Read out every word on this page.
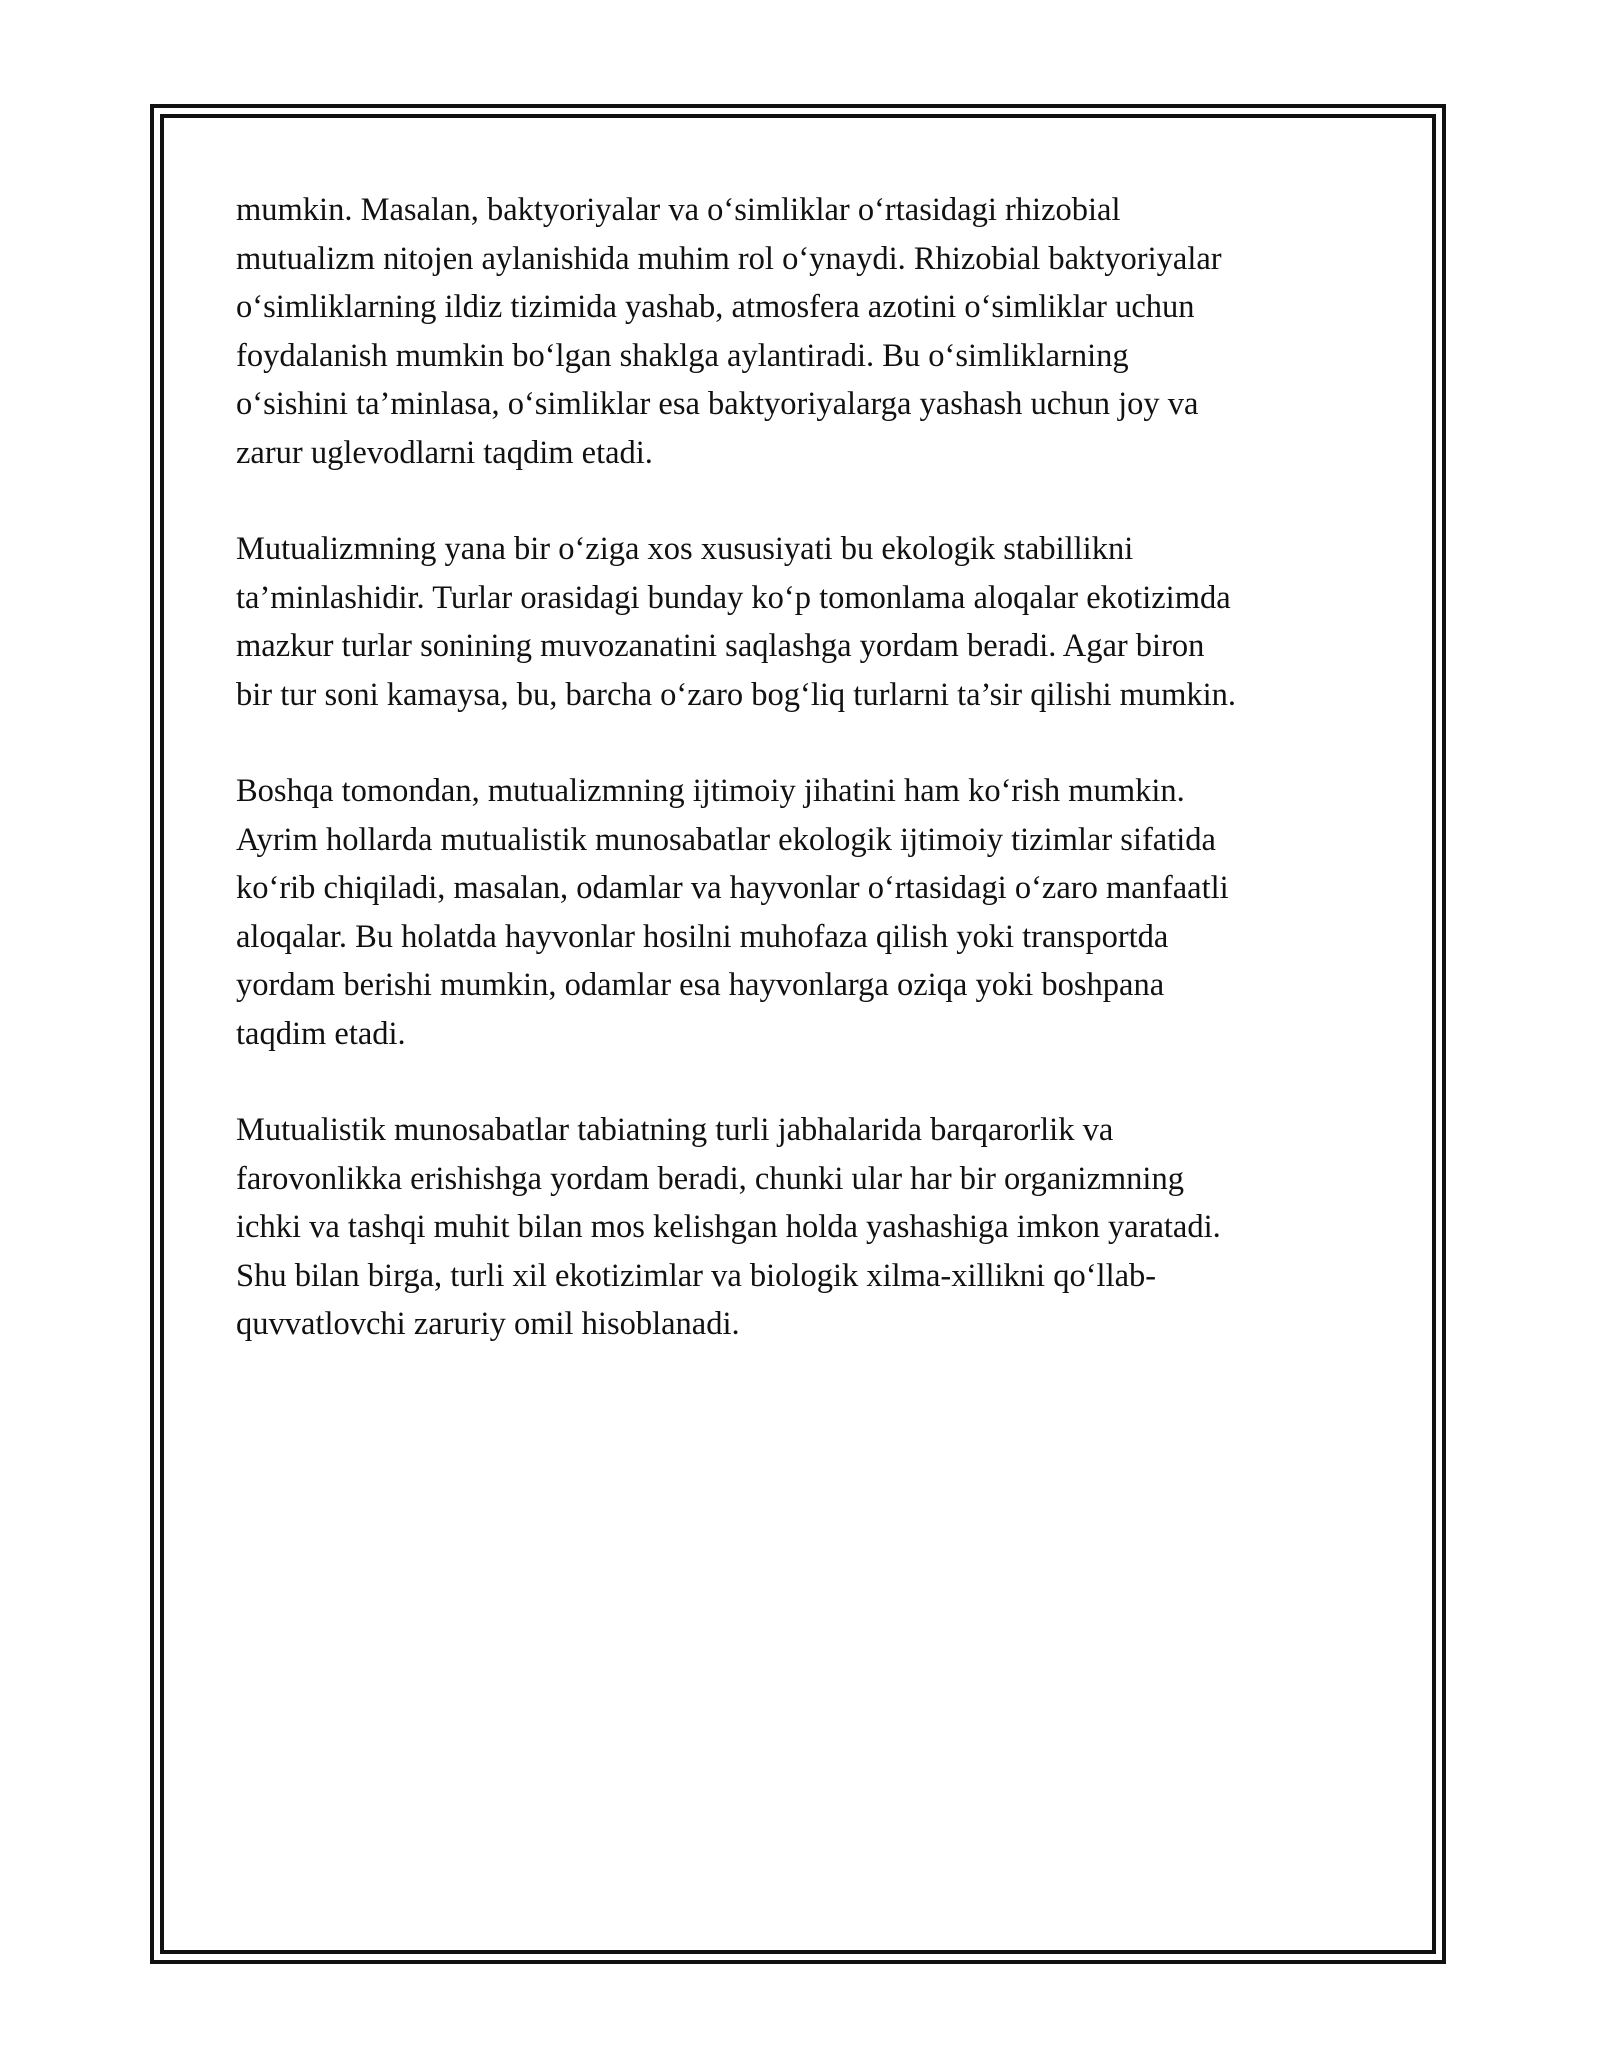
mumkin. Masalan, baktyoriyalar va o‘simliklar o‘rtasidagi rhizobial
mutualizm nitojen aylanishida muhim rol o‘ynaydi. Rhizobial baktyoriyalar
o‘simliklarning ildiz tizimida yashab, atmosfera azotini o‘simliklar uchun
foydalanish mumkin bo‘lgan shaklga aylantiradi. Bu o‘simliklarning
o‘sishini ta’minlasa, o‘simliklar esa baktyoriyalarga yashash uchun joy va
zarur uglevodlarni taqdim etadi.

Mutualizmning yana bir o‘ziga xos xususiyati bu ekologik stabillikni
ta’minlashidir. Turlar orasidagi bunday ko‘p tomonlama aloqalar ekotizimda
mazkur turlar sonining muvozanatini saqlashga yordam beradi. Agar biron
bir tur soni kamaysa, bu, barcha o‘zaro bog‘liq turlarni ta’sir qilishi mumkin.

Boshqa tomondan, mutualizmning ijtimoiy jihatini ham ko‘rish mumkin.
Ayrim hollarda mutualistik munosabatlar ekologik ijtimoiy tizimlar sifatida
ko‘rib chiqiladi, masalan, odamlar va hayvonlar o‘rtasidagi o‘zaro manfaatli
aloqalar. Bu holatda hayvonlar hosilni muhofaza qilish yoki transportda
yordam berishi mumkin, odamlar esa hayvonlarga oziqa yoki boshpana
taqdim etadi.

Mutualistik munosabatlar tabiatning turli jabhalarida barqarorlik va
farovonlikka erishishga yordam beradi, chunki ular har bir organizmning
ichki va tashqi muhit bilan mos kelishgan holda yashashiga imkon yaratadi.
Shu bilan birga, turli xil ekotizimlar va biologik xilma-xillikni qo‘llab-
quvvatlovchi zaruriy omil hisoblanadi.
